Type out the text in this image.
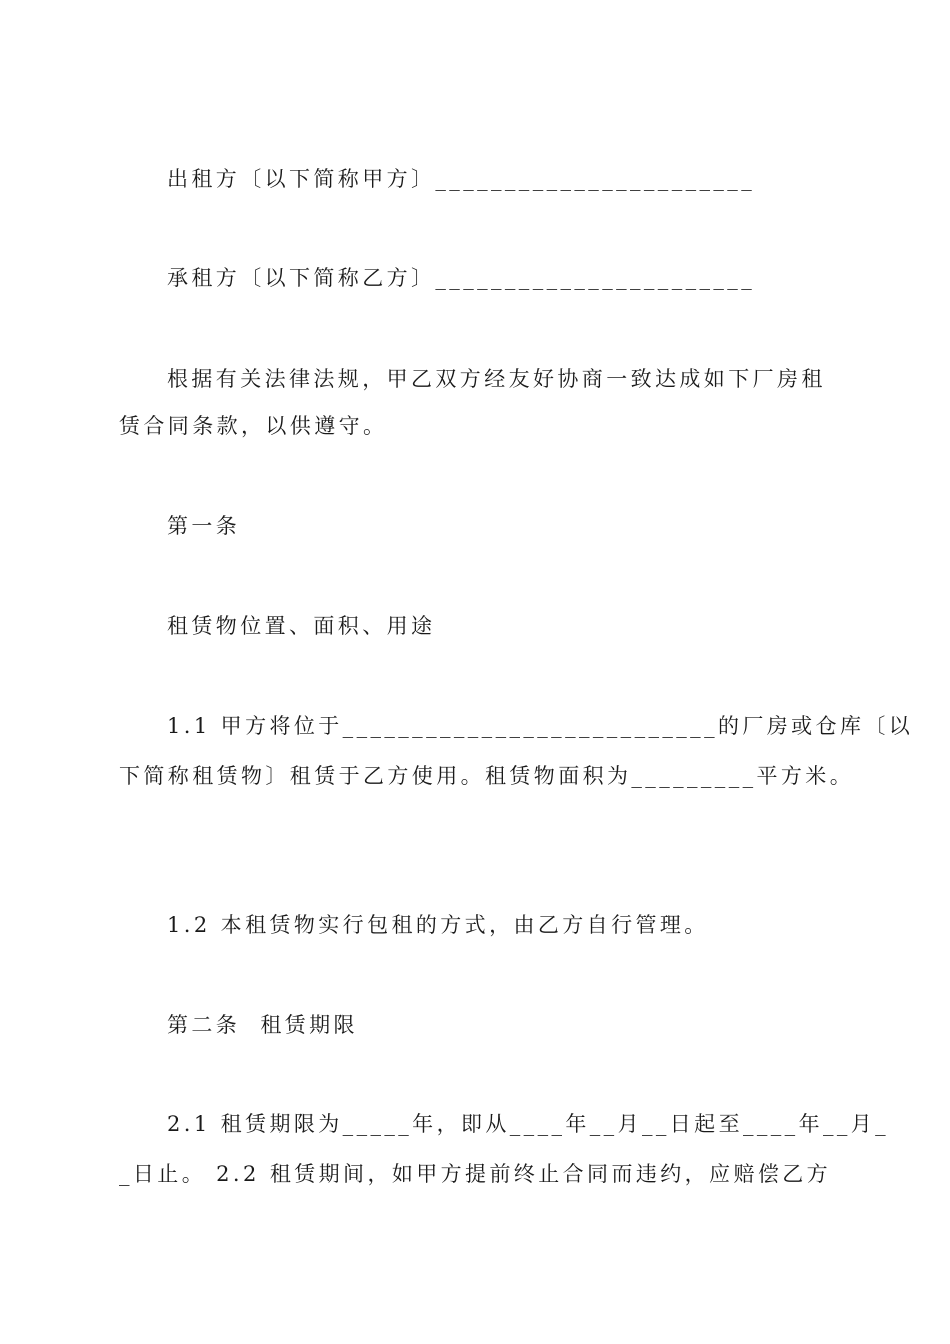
出租方〔以下简称甲方〕_______________________
承租方〔以下简称乙方〕_______________________
根据有关法律法规，甲乙双方经友好协商一致达成如下厂房租
赁合同条款，以供遵守。
第一条
租赁物位置、面积、用途
1.1 甲方将位于___________________________的厂房或仓库〔以
下简称租赁物〕租赁于乙方使用。租赁物面积为_________平方米。
1.2 本租赁物实行包租的方式，由乙方自行管理。
第二条  租赁期限
2.1 租赁期限为_____年，即从____年__月__日起至____年__月_
_日止。 2.2 租赁期间，如甲方提前终止合同而违约，应赔偿乙方
